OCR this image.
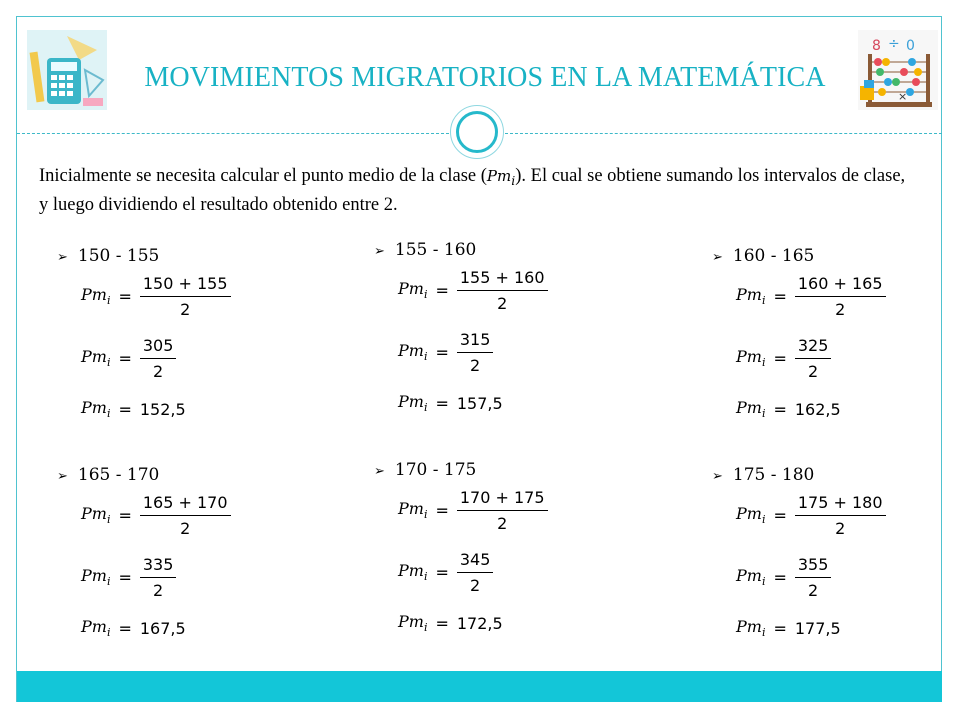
8 ÷ 0
×
MOVIMIENTOS MIGRATORIOS EN LA MATEMÁTICA
Inicialmente se necesita calcular el punto medio de la clase $(Pm_i)$. El cual se obtiene sumando los intervalos de clase, y luego dividiendo el resultado obtenido entre 2.
➢ 150 - 155
$Pm_i = \frac{150 + 155}{2}$
$Pm_i = \frac{305}{2}$
$Pm_i = 152,5$
➢ 155 - 160
$Pm_i = \frac{155 + 160}{2}$
$Pm_i = \frac{315}{2}$
$Pm_i = 157,5$
➢ 160 - 165
$Pm_i = \frac{160 + 165}{2}$
$Pm_i = \frac{325}{2}$
$Pm_i = 162,5$
➢ 165 - 170
$Pm_i = \frac{165 + 170}{2}$
$Pm_i = \frac{335}{2}$
$Pm_i = 167,5$
➢ 170 - 175
$Pm_i = \frac{170 + 175}{2}$
$Pm_i = \frac{345}{2}$
$Pm_i = 172,5$
➢ 175 - 180
$Pm_i = \frac{175 + 180}{2}$
$Pm_i = \frac{355}{2}$
$Pm_i = 177,5$
